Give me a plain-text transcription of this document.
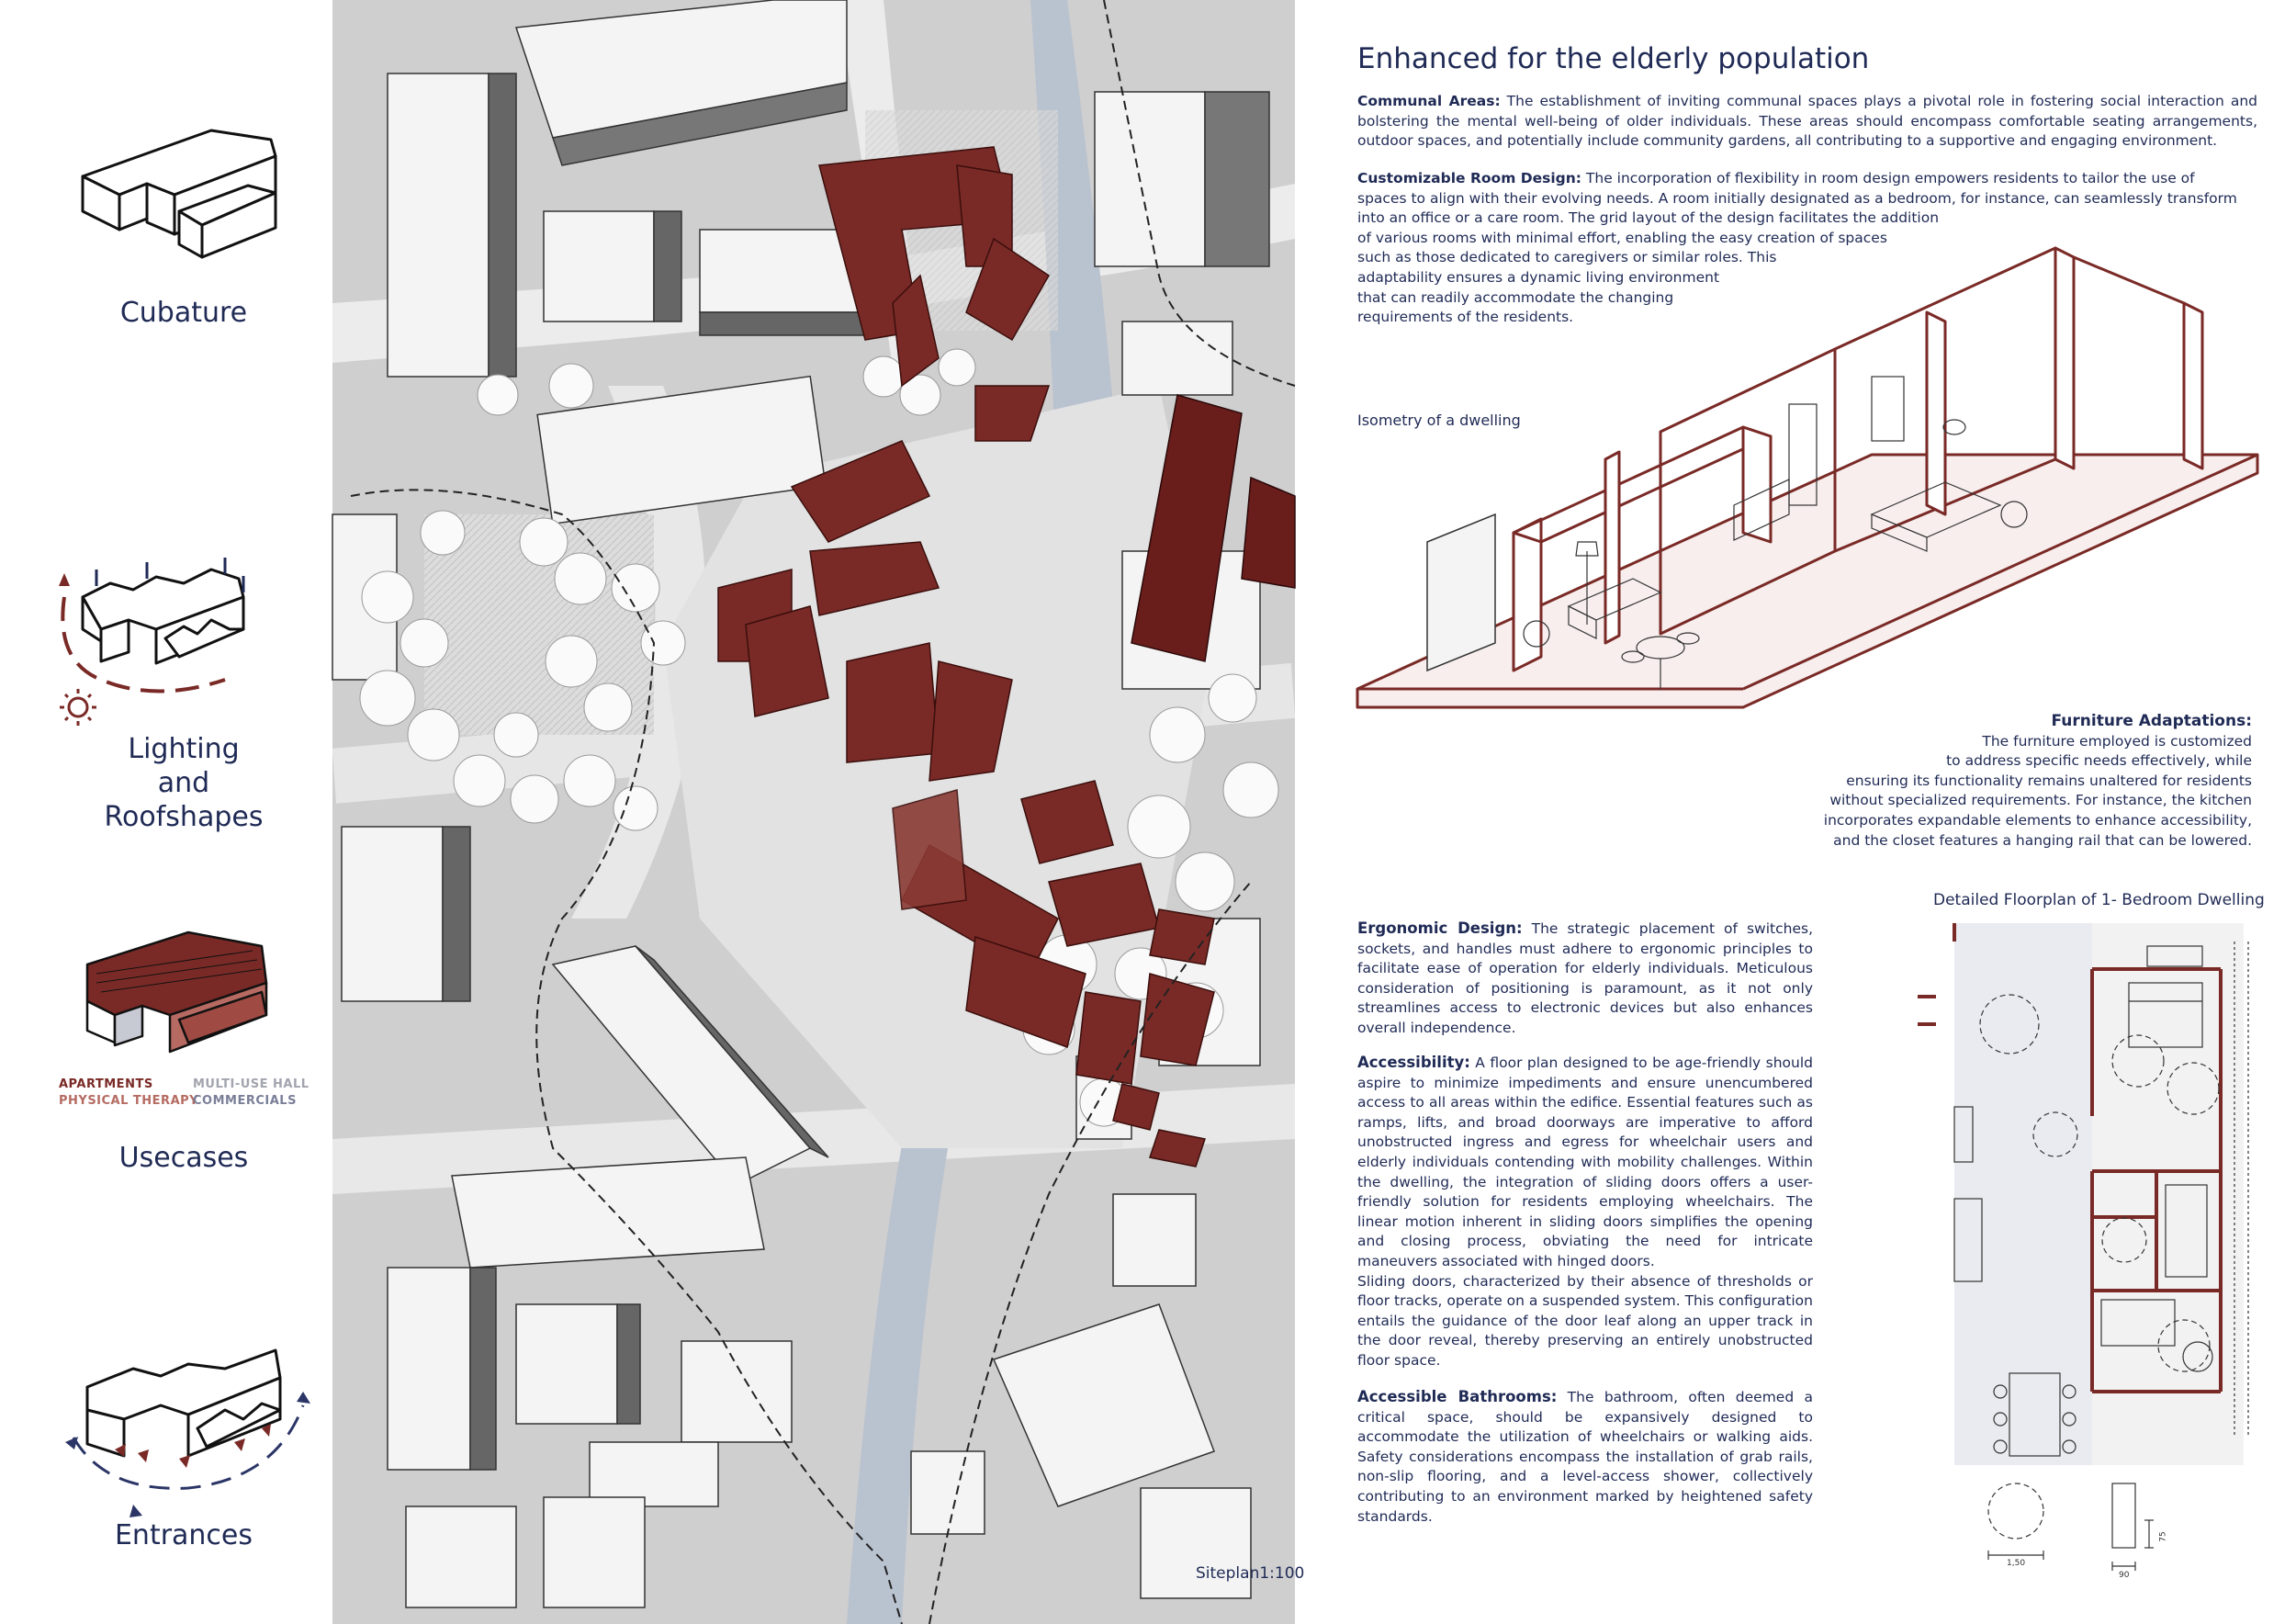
Cubature
Lighting
and
Roofshapes
APARTMENTS	MULTI-USE HALL
PHYSICAL THERAPY
COMMERCIALS
Usecases
Entrances
Siteplan1:100
Enhanced for the elderly population
Communal Areas: The establishment of inviting communal spaces plays a pivotal role in fostering social interaction and bolstering the mental well-being of older individuals. These areas should encompass comfortable seating arrangements, outdoor spaces, and potentially include community gardens, all contributing to a supportive and engaging environment.
Customizable Room Design: The incorporation of flexibility in room design empowers residents to tailor the use of
spaces to align with their evolving needs. A room initially designated as a bedroom, for instance, can seamlessly transform
into an office or a care room. The grid layout of the design facilitates the addition
of various rooms with minimal effort, enabling the easy creation of spaces
such as those dedicated to caregivers or similar roles. This
adaptability ensures a dynamic living environment
that can readily accommodate the changing
requirements of the residents.
Isometry of a dwelling
Furniture Adaptations:
The furniture employed is customized
to address specific needs effectively, while
ensuring its functionality remains unaltered for residents
without specialized requirements. For instance, the kitchen
incorporates expandable elements to enhance accessibility,
and the closet features a hanging rail that can be lowered.
Detailed Floorplan of 1- Bedroom Dwelling
1,50
90
75
Ergonomic Design: The strategic placement of switches, sockets, and handles must adhere to ergonomic principles to facilitate ease of operation for elderly individuals. Meticulous consideration of positioning is paramount, as it not only streamlines access to electronic devices but also enhances overall independence.
Accessibility: A floor plan designed to be age-friendly should aspire to minimize impediments and ensure unencumbered access to all areas within the edifice. Essential features such as ramps, lifts, and broad doorways are imperative to afford unobstructed ingress and egress for wheelchair users and elderly individuals contending with mobility challenges. Within the dwelling, the integration of sliding doors offers a user-friendly solution for residents employing wheelchairs. The linear motion inherent in sliding doors simplifies the opening and closing process, obviating the need for intricate maneuvers associated with hinged doors.
Sliding doors, characterized by their absence of thresholds or floor tracks, operate on a suspended system. This configuration entails the guidance of the door leaf along an upper track in the door reveal, thereby preserving an entirely unobstructed floor space.
Accessible Bathrooms: The bathroom, often deemed a critical space, should be expansively designed to accommodate the utilization of wheelchairs or walking aids. Safety considerations encompass the installation of grab rails, non-slip flooring, and a level-access shower, collectively contributing to an environment marked by heightened safety standards.
